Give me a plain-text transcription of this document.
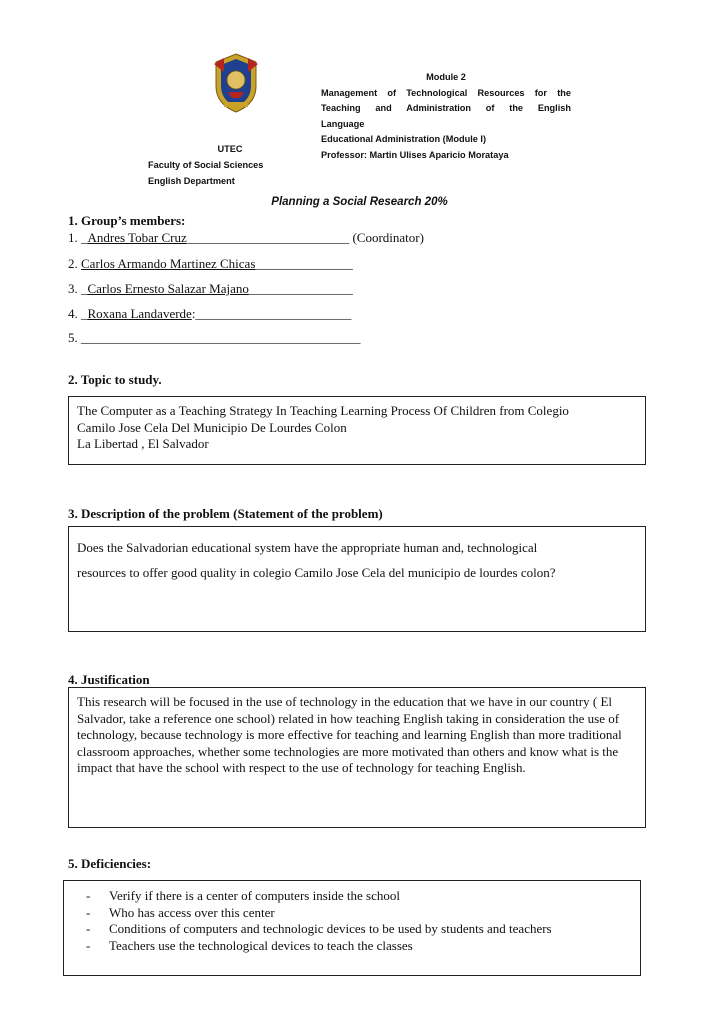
Module 2
Management of Technological Resources for the
Teaching and Administration of the English
Language
Educational Administration (Module I)
Professor: Martin Ulises Aparicio Morataya
UTEC
Faculty of Social Sciences
English Department
Planning a Social Research 20%
1. Group’s members:
1. _Andres Tobar Cruz_________________________ (Coordinator)
2. Carlos Armando Martinez Chicas_______________
3. _Carlos Ernesto Salazar Majano________________
4. _Roxana Landaverde:________________________
5. ___________________________________________
2. Topic to study.

The Computer as a Teaching Strategy In Teaching Learning Process Of Children from Colegio

Camilo Jose Cela Del Municipio De Lourdes Colon

La Libertad , El Salvador

3. Description of the problem (Statement of the problem)

Does the Salvadorian educational system have the appropriate human and, technological

resources to offer good quality in colegio Camilo Jose Cela del municipio de lourdes colon?

4. Justification

This research will be focused in the use of technology in the education that we have in our country ( El Salvador, take a reference one school) related in how teaching English taking in consideration the use of technology, because technology is more effective for teaching and learning English than more traditional classroom approaches, whether some technologies are more motivated than others and know what is the impact that have the school with respect to the use of technology for teaching English.

5. Deficiencies:
- Verify if there is a center of computers inside the school
- Who has access over this center
- Conditions of computers and technologic devices to be used by students and teachers
- Teachers use the technological devices to teach the classes
